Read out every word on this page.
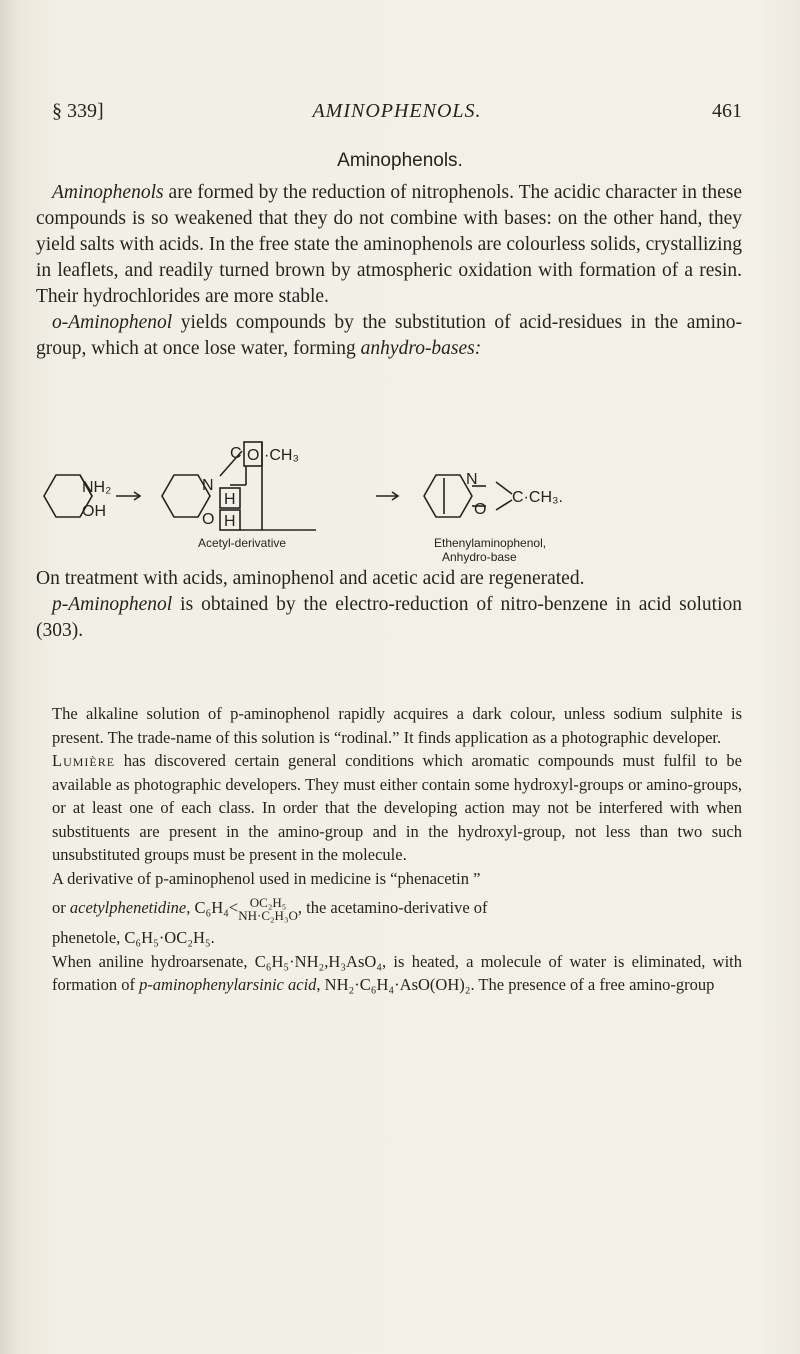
§ 339]	AMINOPHENOLS.	461
Aminophenols.

Aminophenols are formed by the reduction of nitrophenols. The acidic character in these compounds is so weakened that they do not combine with bases: on the other hand, they yield salts with acids. In the free state the aminophenols are colourless solids, crystallizing in leaflets, and readily turned brown by atmospheric oxidation with formation of a resin. Their hydrochlorides are more stable.

o-Aminophenol yields compounds by the substitution of acid-residues in the amino-group, which at once lose water, forming anhydro-bases:

NH₂
OH
N
C O ·CH₃
H
O H
N
O
C·CH₃.
Acetyl-derivative	Ethenylaminophenol,
Anhydro-base

On treatment with acids, aminophenol and acetic acid are regenerated.

p-Aminophenol is obtained by the electro-reduction of nitro-benzene in acid solution (303).

The alkaline solution of p-aminophenol rapidly acquires a dark colour, unless sodium sulphite is present. The trade-name of this solution is “rodinal.” It finds application as a photographic developer.

Lumière has discovered certain general conditions which aromatic compounds must fulfil to be available as photographic developers. They must either contain some hydroxyl-groups or amino-groups, or at least one of each class. In order that the developing action may not be interfered with when substituents are present in the amino-group and in the hydroxyl-group, not less than two such unsubstituted groups must be present in the molecule.

A derivative of p-aminophenol used in medicine is “phenacetin ”

or acetylphenetidine, C₆H₄< OC₂H₅
NH·C₂H₃O , the acetamino-derivative of

phenetole, C₆H₅·OC₂H₅.

When aniline hydroarsenate, C₆H₅·NH₂,H₃AsO₄, is heated, a molecule of water is eliminated, with formation of p-aminophenylarsinic acid, NH₂·C₆H₄·AsO(OH)₂. The presence of a free amino-group
